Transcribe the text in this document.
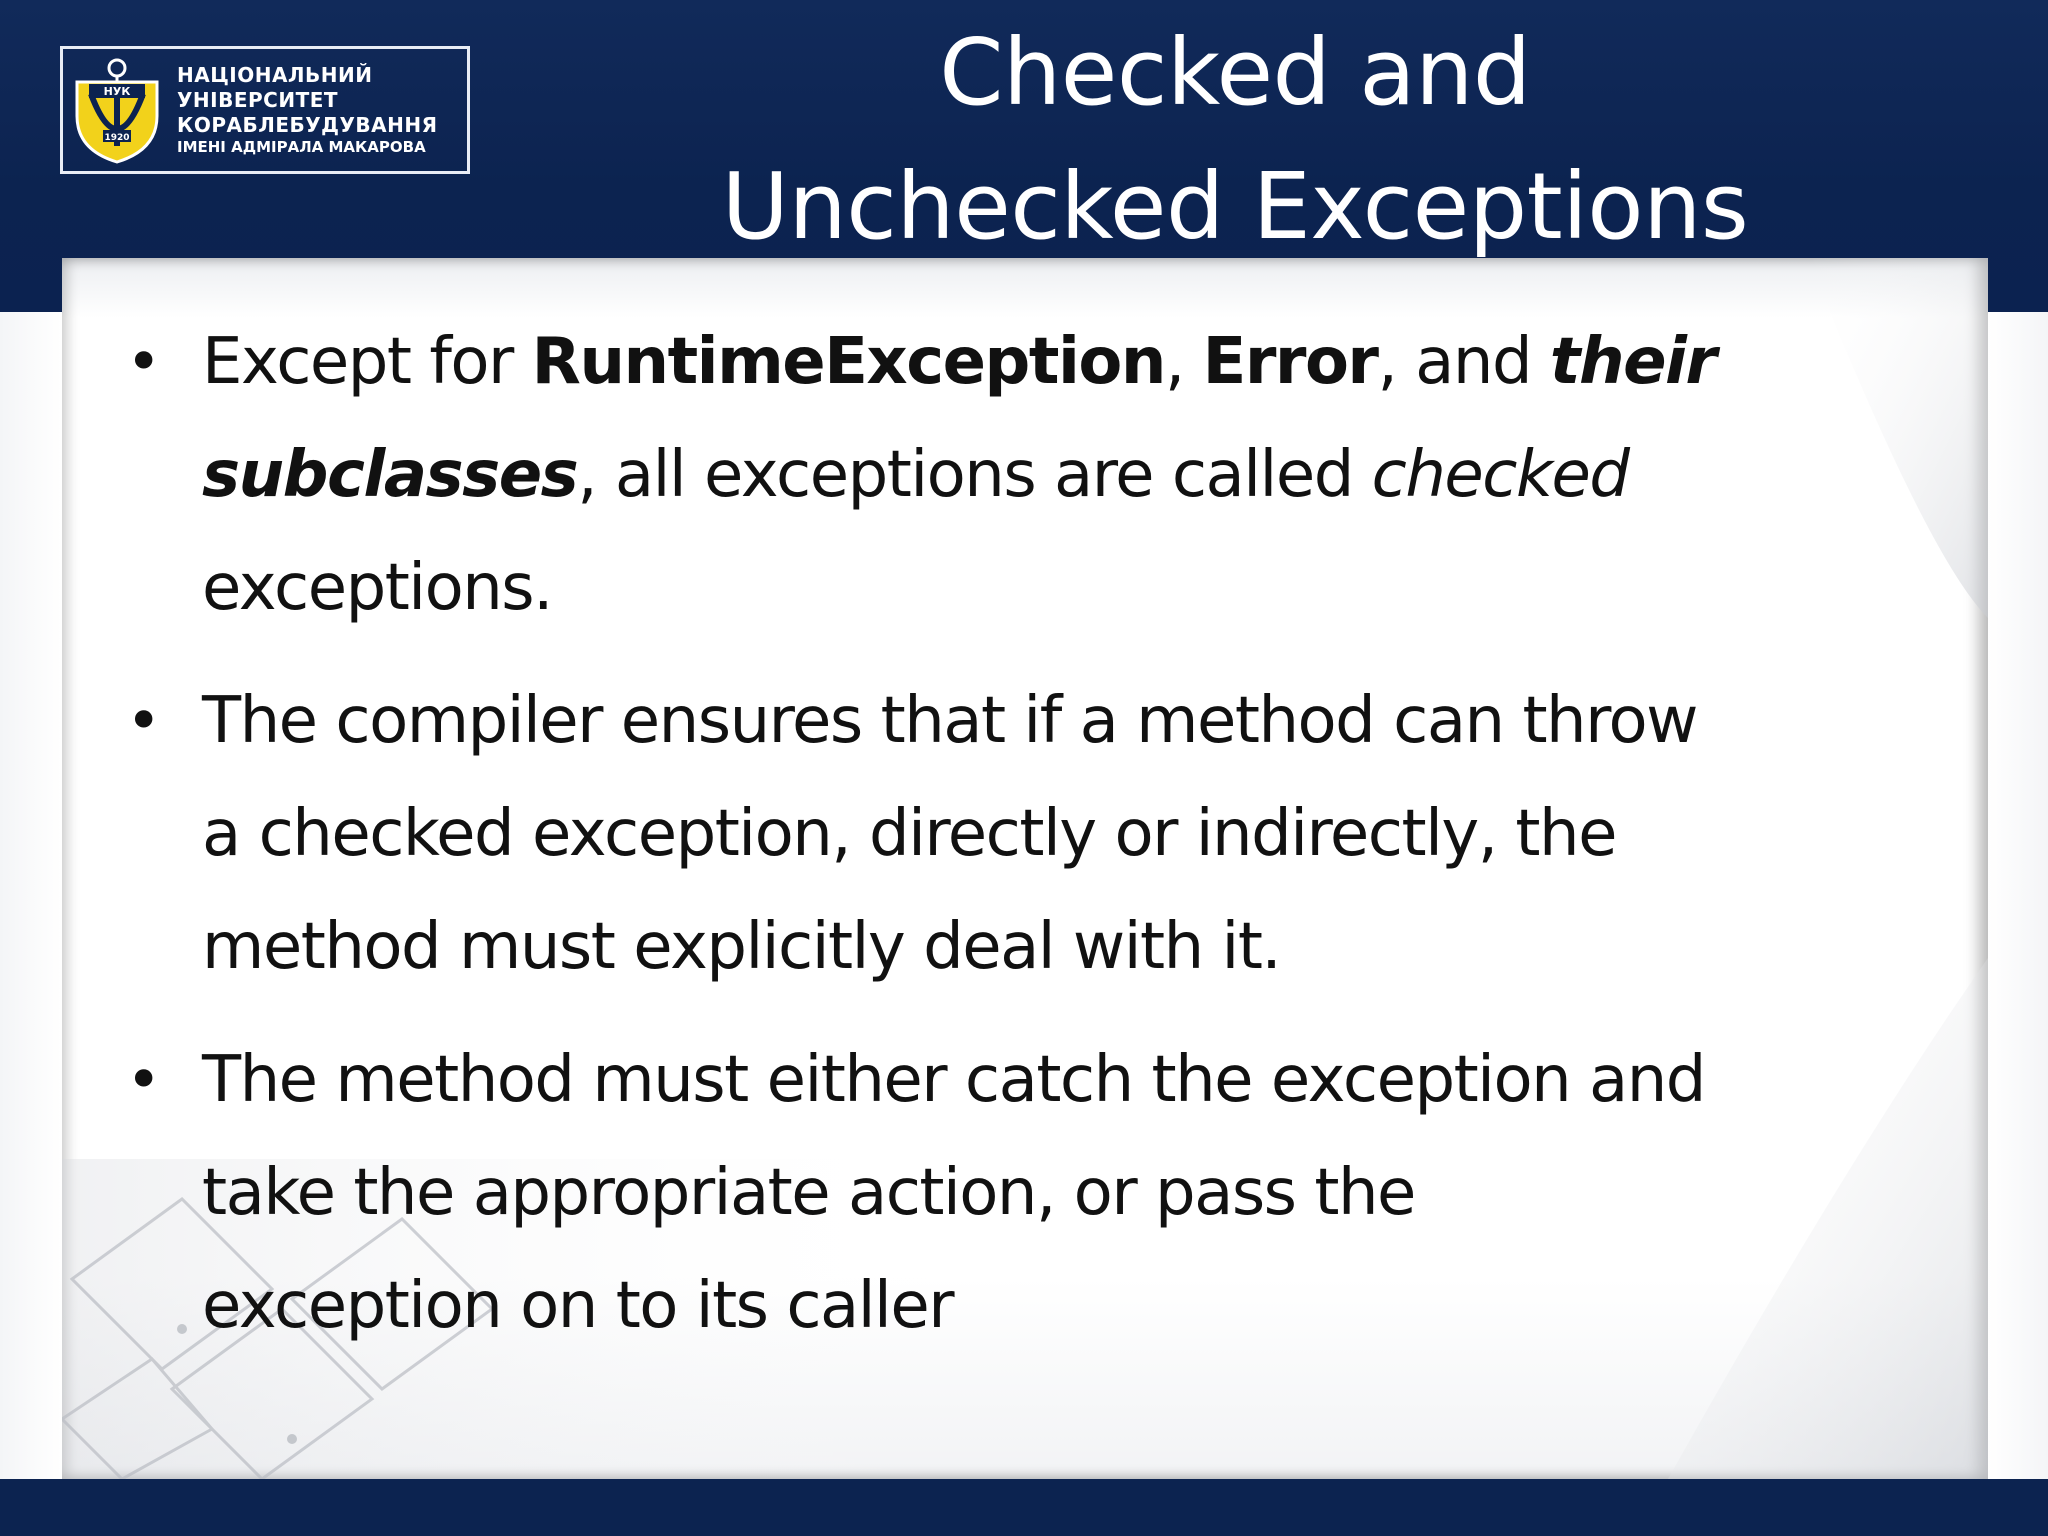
НУК
1920
НАЦІОНАЛЬНИЙ
УНІВЕРСИТЕТ
КОРАБЛЕБУДУВАННЯ
ІМЕНІ АДМІРАЛА МАКАРОВА
Checked and
Unchecked Exceptions
• Except for RuntimeException, Error, and their
subclasses, all exceptions are called checked
exceptions.
• The compiler ensures that if a method can throw
a checked exception, directly or indirectly, the
method must explicitly deal with it.
• The method must either catch the exception and
take the appropriate action, or pass the
exception on to its caller
